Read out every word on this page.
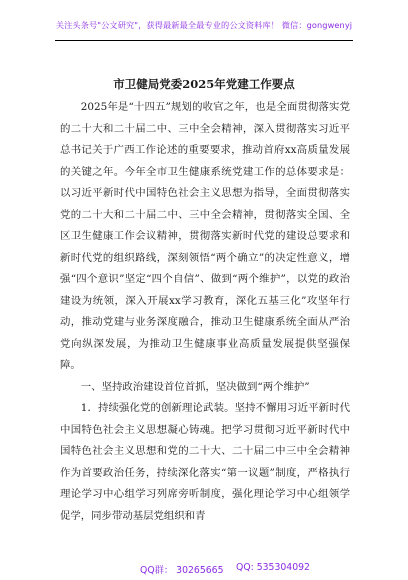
关注头条号"公文研究"，获得最新最全最专业的公文资料库！ 微信：gongwenyj
市卫健局党委2025年党建工作要点

2025年是“十四五”规划的收官之年，也是全面贯彻落实党的二十大和二十届二中、三中全会精神，深入贯彻落实习近平总书记关于广西工作论述的重要要求，推动首府xx高质量发展的关键之年。今年全市卫生健康系统党建工作的总体要求是：以习近平新时代中国特色社会主义思想为指导，全面贯彻落实党的二十大和二十届二中、三中全会精神，贯彻落实全国、全区卫生健康工作会议精神，贯彻落实新时代党的建设总要求和新时代党的组织路线，深刻领悟“两个确立”的决定性意义，增强“四个意识”坚定“四个自信”、做到“两个维护”，以党的政治建设为统领，深入开展xx学习教育，深化五基三化”攻坚年行动，推动党建与业务深度融合，推动卫生健康系统全面从严治党向纵深发展，为推动卫生健康事业高质量发展提供坚强保障。

一、坚持政治建设首位首抓，坚决做到“两个维护”

1．持续强化党的创新理论武装。坚持不懈用习近平新时代中国特色社会主义思想凝心铸魂。把学习贯彻习近平新时代中国特色社会主义思想和党的二十大、二十届二中三中全会精神作为首要政治任务，持续深化落实“第一议题”制度，严格执行理论学习中心组学习列席旁听制度，强化理论学习中心组领学促学，同步带动基层党组织和青

QQ群： 30265665 QQ: 535304092
